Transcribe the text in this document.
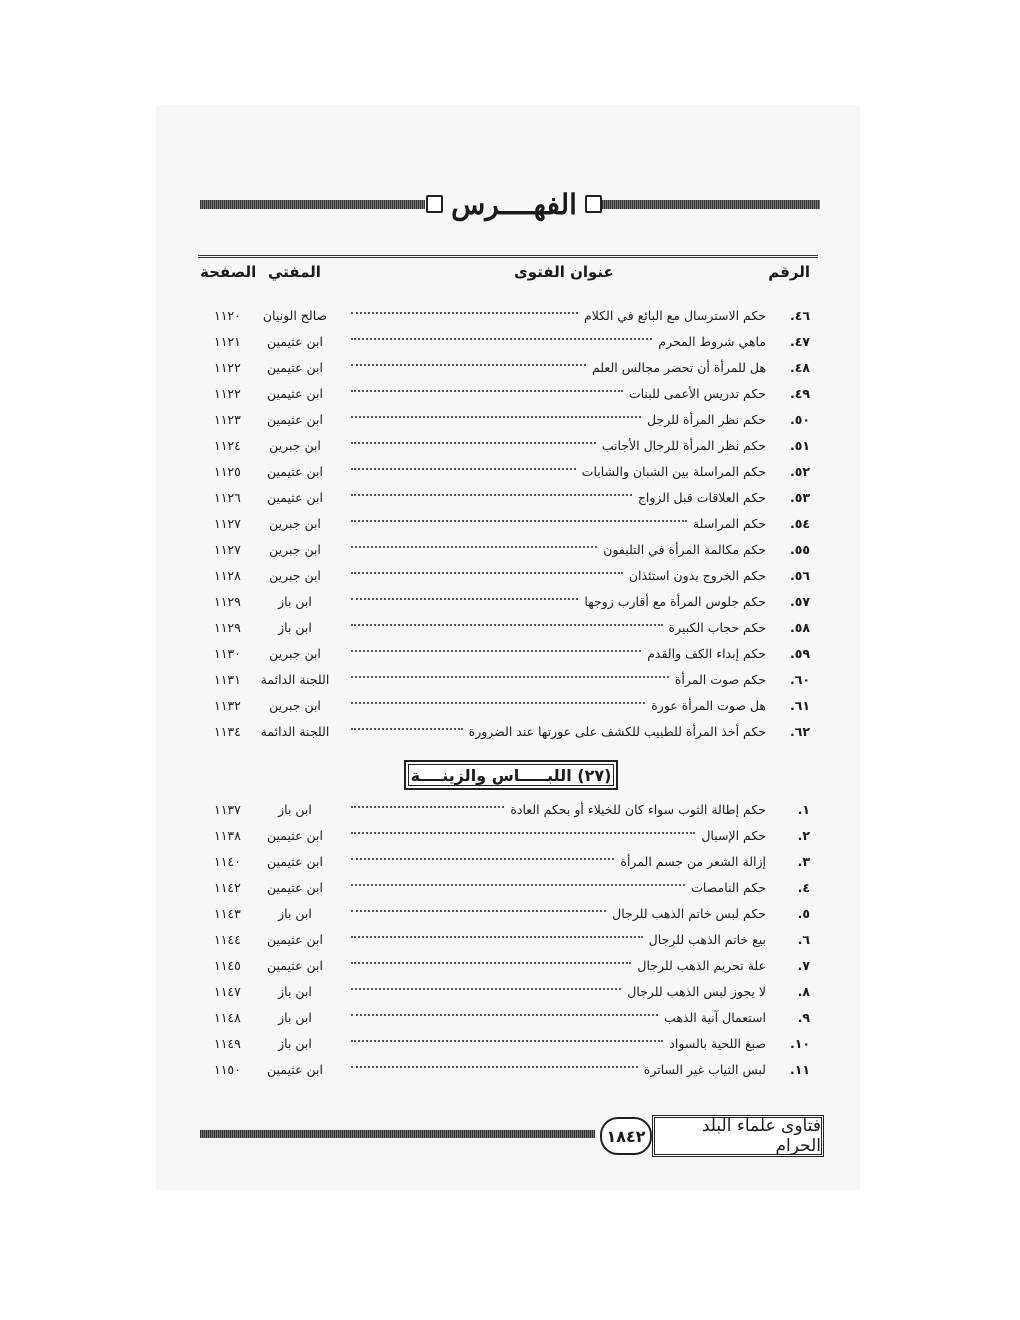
الفهــــرس
الرقم
عنوان الفتوى
المفتي
الصفحة
٤٦.
حكم الاسترسال مع البائع في الكلام
صالح الونيان
١١٢٠
٤٧.
ماهي شروط المحرم
ابن عثيمين
١١٢١
٤٨.
هل للمرأة أن تحضر مجالس العلم
ابن عثيمين
١١٢٢
٤٩.
حكم تدريس الأعمى للبنات
ابن عثيمين
١١٢٢
٥٠.
حكم نظر المرأة للرجل
ابن عثيمين
١١٢٣
٥١.
حكم نظر المرأة للرجال الأجانب
ابن جبرين
١١٢٤
٥٢.
حكم المراسلة بين الشبان والشابات
ابن عثيمين
١١٢٥
٥٣.
حكم العلاقات قبل الزواج
ابن عثيمين
١١٢٦
٥٤.
حكم المراسلة
ابن جبرين
١١٢٧
٥٥.
حكم مكالمة المرأة في التليفون
ابن جبرين
١١٢٧
٥٦.
حكم الخروج بدون استئذان
ابن جبرين
١١٢٨
٥٧.
حكم جلوس المرأة مع أقارب زوجها
ابن باز
١١٢٩
٥٨.
حكم حجاب الكبيرة
ابن باز
١١٢٩
٥٩.
حكم إبداء الكف والقدم
ابن جبرين
١١٣٠
٦٠.
حكم صوت المرأة
اللجنة الدائمة
١١٣١
٦١.
هل صوت المرأة عورة
ابن جبرين
١١٣٢
٦٢.
حكم أخذ المرأة للطبيب للكشف على عورتها عند الضرورة
اللجنة الدائمة
١١٣٤
(٢٧) اللبـــــاس والزينــــة
١.
حكم إطالة الثوب سواء كان للخيلاء أو بحكم العادة
ابن باز
١١٣٧
٢.
حكم الإسبال
ابن عثيمين
١١٣٨
٣.
إزالة الشعر من جسم المرأة
ابن عثيمين
١١٤٠
٤.
حكم النامصات
ابن عثيمين
١١٤٢
٥.
حكم لبس خاتم الذهب للرجال
ابن باز
١١٤٣
٦.
بيع خاتم الذهب للرجال
ابن عثيمين
١١٤٤
٧.
علة تحريم الذهب للرجال
ابن عثيمين
١١٤٥
٨.
لا يجوز لبس الذهب للرجال
ابن باز
١١٤٧
٩.
استعمال آنية الذهب
ابن باز
١١٤٨
١٠.
صبغ اللحية بالسواد
ابن باز
١١٤٩
١١.
لبس الثياب غير الساترة
ابن عثيمين
١١٥٠
١٨٤٢	فتاوى علماء البلد الحرام
